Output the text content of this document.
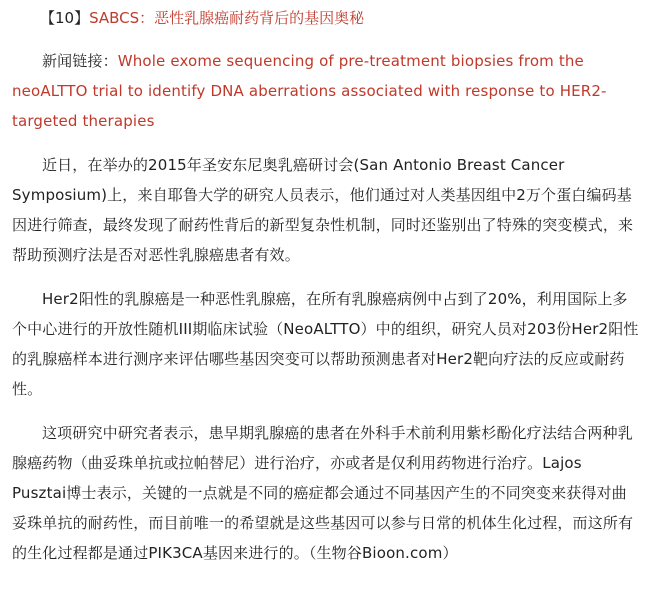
【10】SABCS：恶性乳腺癌耐药背后的基因奥秘

新闻链接：Whole exome sequencing of pre-treatment biopsies from the neoALTTO trial to identify DNA aberrations associated with response to HER2-targeted therapies

近日，在举办的2015年圣安东尼奥乳癌研讨会(San Antonio Breast Cancer Symposium)上，来自耶鲁大学的研究人员表示，他们通过对人类基因组中2万个蛋白编码基因进行筛查，最终发现了耐药性背后的新型复杂性机制，同时还鉴别出了特殊的突变模式，来帮助预测疗法是否对恶性乳腺癌患者有效。

Her2阳性的乳腺癌是一种恶性乳腺癌，在所有乳腺癌病例中占到了20%，利用国际上多个中心进行的开放性随机III期临床试验（NeoALTTO）中的组织，研究人员对203份Her2阳性的乳腺癌样本进行测序来评估哪些基因突变可以帮助预测患者对Her2靶向疗法的反应或耐药性。

这项研究中研究者表示，患早期乳腺癌的患者在外科手术前利用紫杉酚化疗法结合两种乳腺癌药物（曲妥珠单抗或拉帕替尼）进行治疗，亦或者是仅利用药物进行治疗。Lajos Pusztai博士表示，关键的一点就是不同的癌症都会通过不同基因产生的不同突变来获得对曲妥珠单抗的耐药性，而目前唯一的希望就是这些基因可以参与日常的机体生化过程，而这所有的生化过程都是通过PIK3CA基因来进行的。（生物谷Bioon.com）
